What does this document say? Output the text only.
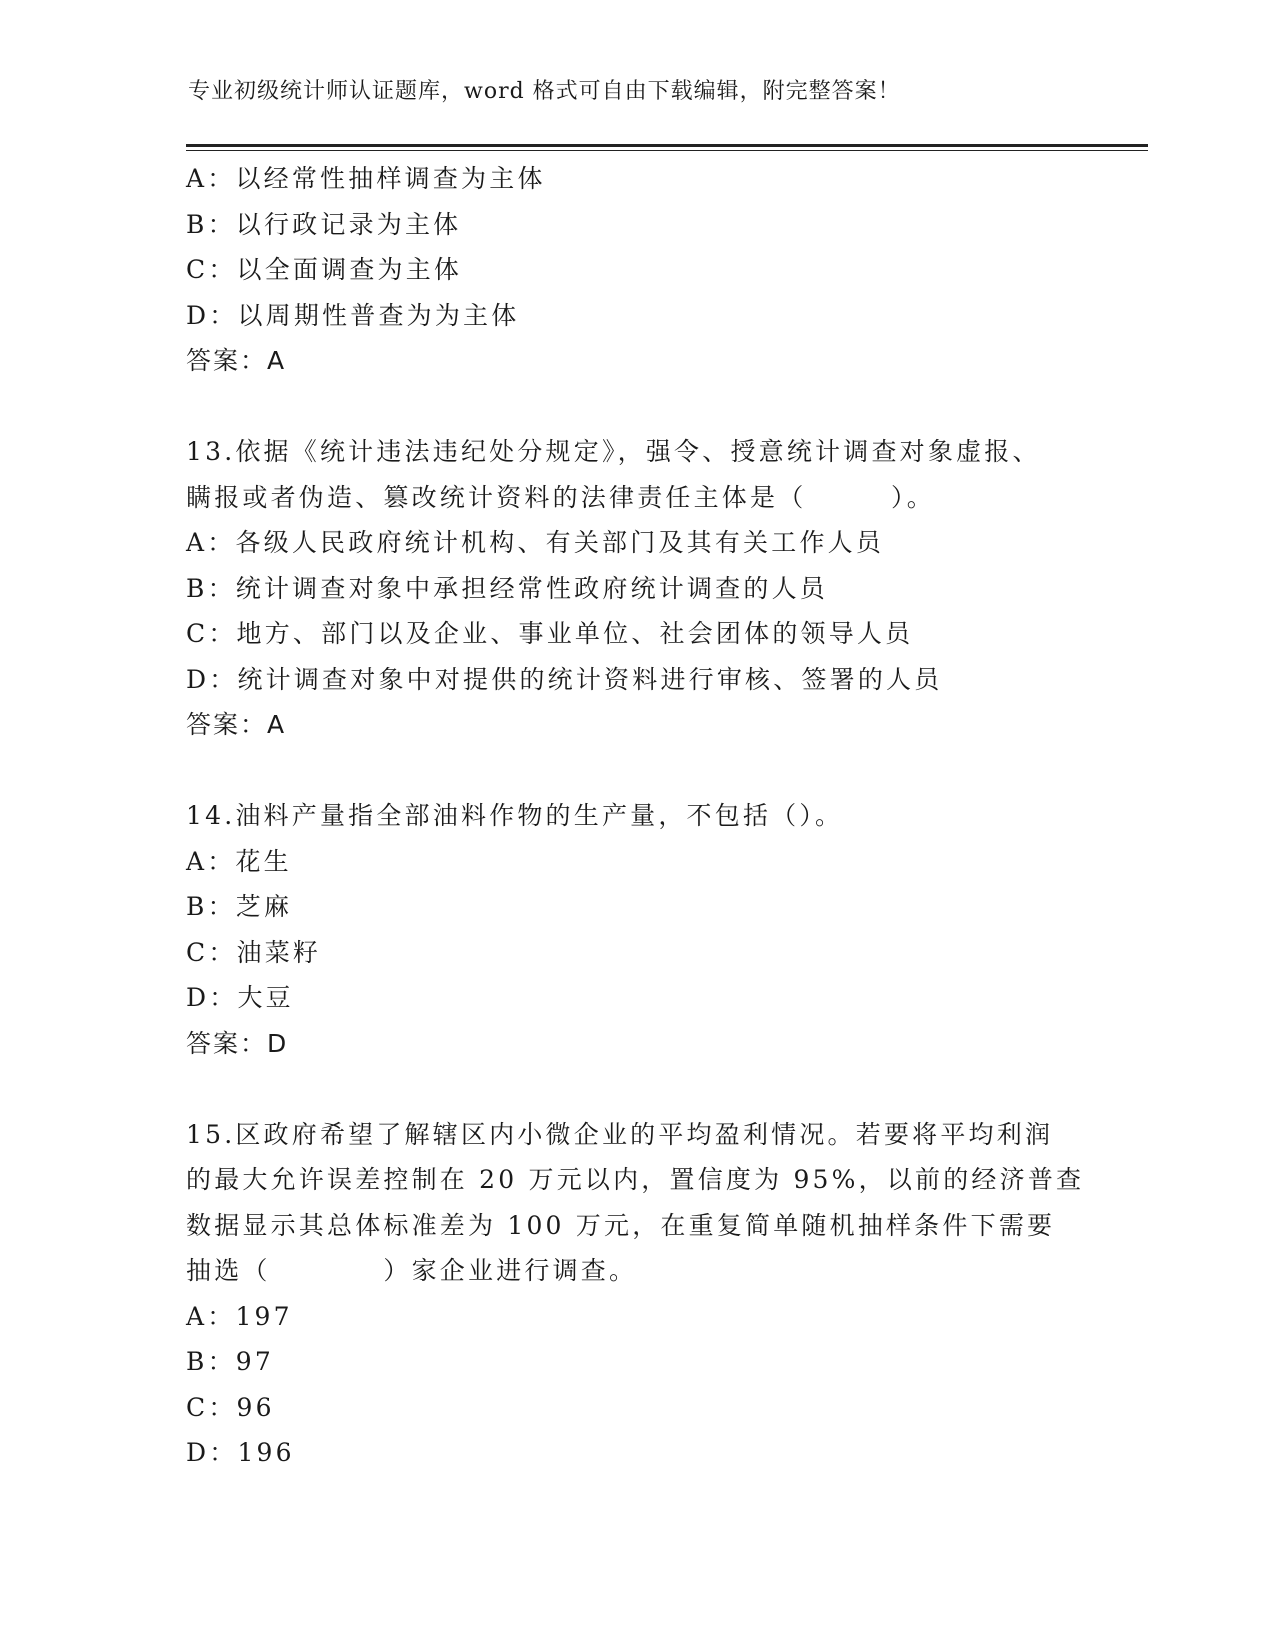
专业初级统计师认证题库，word 格式可自由下载编辑，附完整答案！
A：以经常性抽样调查为主体
B：以行政记录为主体
C：以全面调查为主体
D：以周期性普查为为主体
答案：A
13.依据《统计违法违纪处分规定》，强令、授意统计调查对象虚报、
瞒报或者伪造、篡改统计资料的法律责任主体是（　　　）。
A：各级人民政府统计机构、有关部门及其有关工作人员
B：统计调查对象中承担经常性政府统计调查的人员
C：地方、部门以及企业、事业单位、社会团体的领导人员
D：统计调查对象中对提供的统计资料进行审核、签署的人员
答案：A
14.油料产量指全部油料作物的生产量，不包括（）。
A：花生
B：芝麻
C：油菜籽
D：大豆
答案：D
15.区政府希望了解辖区内小微企业的平均盈利情况。若要将平均利润
的最大允许误差控制在 20 万元以内，置信度为 95%，以前的经济普查
数据显示其总体标准差为 100 万元，在重复简单随机抽样条件下需要
抽选（　　　　）家企业进行调查。
A：197
B：97
C：96
D：196
